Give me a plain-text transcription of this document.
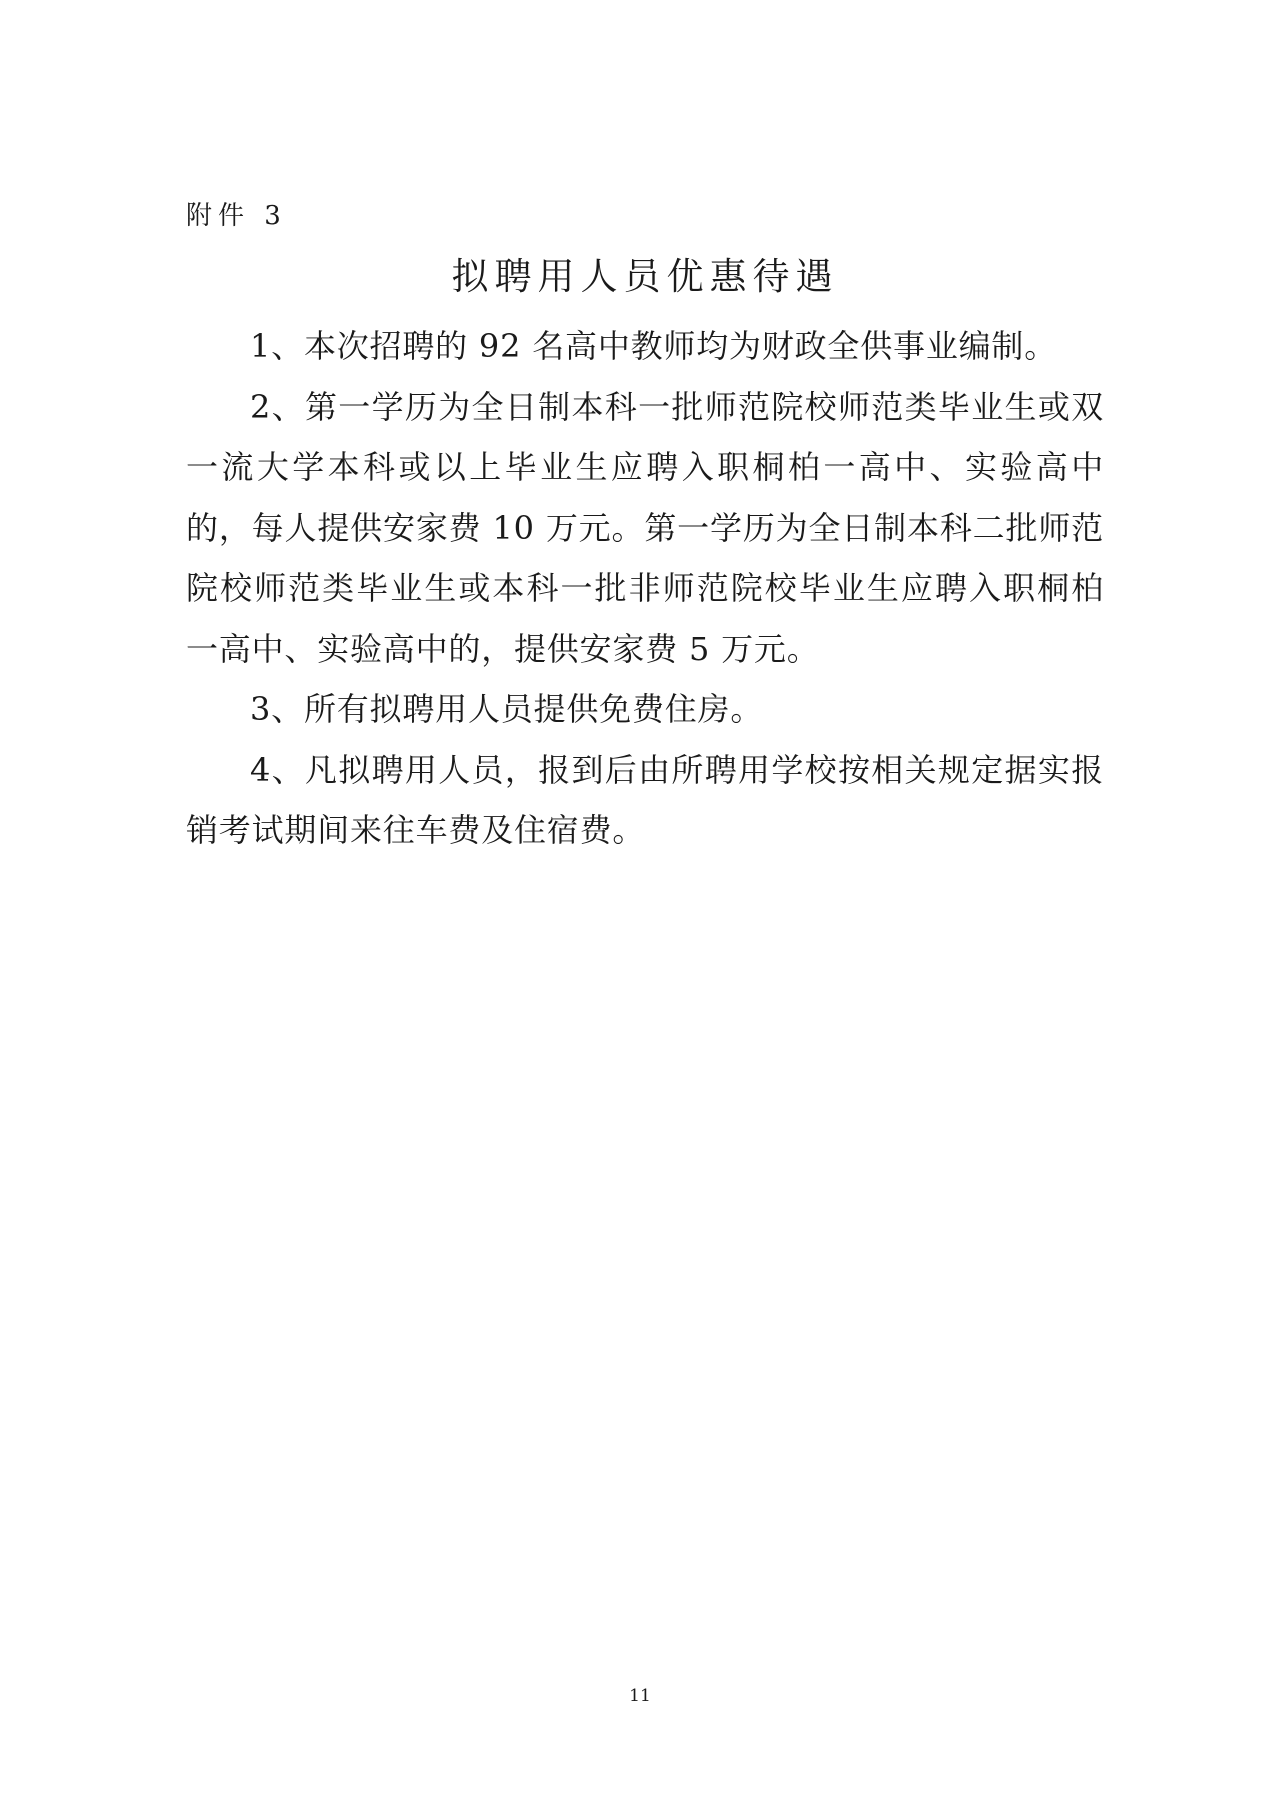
附件 3
拟聘用人员优惠待遇

1、本次招聘的 92 名高中教师均为财政全供事业编制。

2、第一学历为全日制本科一批师范院校师范类毕业生或双一流大学本科或以上毕业生应聘入职桐柏一高中、实验高中的，每人提供安家费 10 万元。第一学历为全日制本科二批师范院校师范类毕业生或本科一批非师范院校毕业生应聘入职桐柏一高中、实验高中的，提供安家费 5 万元。

3、所有拟聘用人员提供免费住房。

4、凡拟聘用人员，报到后由所聘用学校按相关规定据实报销考试期间来往车费及住宿费。

11
